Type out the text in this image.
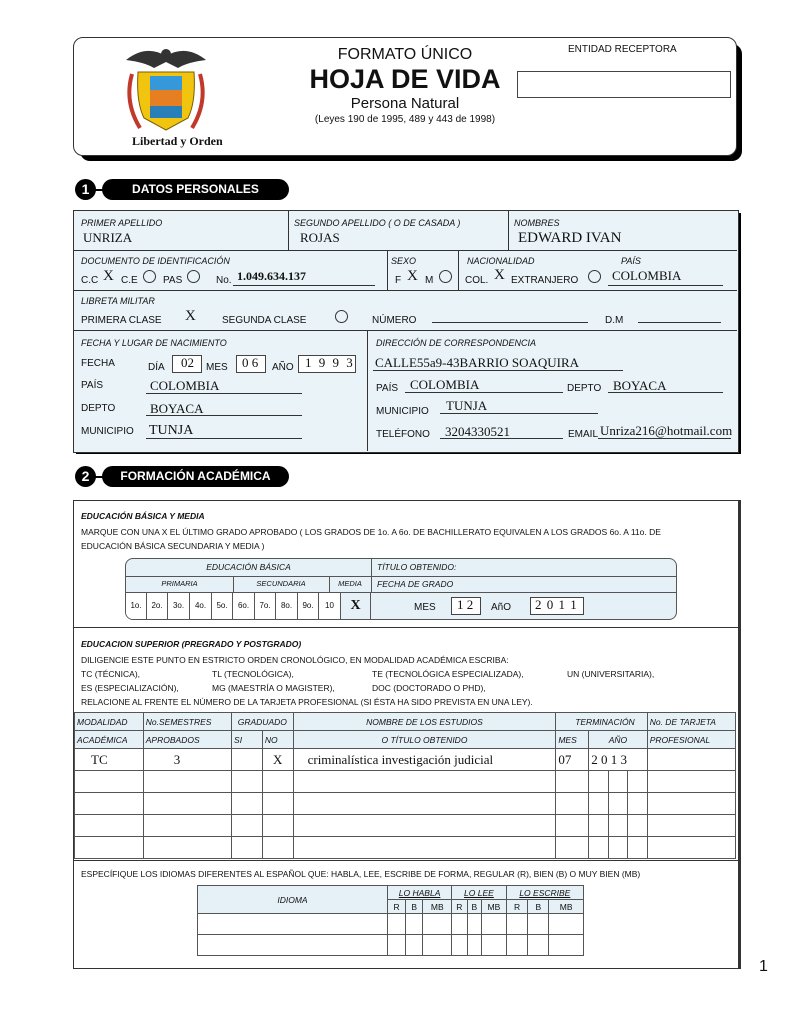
Libertad y Orden
FORMATO ÚNICO
HOJA DE VIDA
Persona Natural
(Leyes 190 de 1995, 489 y 443 de 1998)
ENTIDAD RECEPTORA
1	DATOS PERSONALES
PRIMER APELLIDO
UNRIZA
SEGUNDO APELLIDO ( O DE CASADA )
ROJAS
NOMBRES
EDWARD IVAN
DOCUMENTO DE IDENTIFICACIÓN
C.C X C.E	PAS	No. 1.049.634.137
SEXO
F X M
NACIONALIDAD
COL. X EXTRANJERO
PAÍS
COLOMBIA
LIBRETA MILITAR
PRIMERA CLASE X	SEGUNDA CLASE	NÚMERO	D.M
FECHA Y LUGAR DE NACIMIENTO
FECHA	DÍA 02 MES 0 6 AÑO 1 9 9 3
PAÍS	COLOMBIA
DEPTO	BOYACA
MUNICIPIO TUNJA
DIRECCIÓN DE CORRESPONDENCIA
CALLE55a9-43BARRIO SOAQUIRA
PAÍS COLOMBIA	DEPTO BOYACA
MUNICIPIO TUNJA
TELÉFONO 3204330521	EMAIL Unriza216@hotmail.com
2	FORMACIÓN ACADÉMICA
EDUCACIÓN BÁSICA Y MEDIA
MARQUE CON UNA X EL ÚLTIMO GRADO APROBADO ( LOS GRADOS DE 1o. A 6o. DE BACHILLERATO EQUIVALEN A LOS GRADOS 6o. A 11o. DE EDUCACIÓN BÁSICA SECUNDARIA Y MEDIA )
EDUCACIÓN BÁSICA	TÍTULO OBTENIDO:
PRIMARIA	SECUNDARIA	MEDIA	FECHA DE GRADO
1o.	2o.	3o.	4o.	5o.	6o.	7o.	8o.	9o.	10	X	MES 1 2 AñO 2 0 1 1
EDUCACION SUPERIOR (PREGRADO Y POSTGRADO)
DILIGENCIE ESTE PUNTO EN ESTRICTO ORDEN CRONOLÓGICO, EN MODALIDAD ACADÉMICA ESCRIBA:
TC (TÉCNICA),	TL (TECNOLÓGICA),	TE (TECNOLÓGICA ESPECIALIZADA),	UN (UNIVERSITARIA),
ES (ESPECIALIZACIÓN),	MG (MAESTRÍA O MAGISTER),	DOC (DOCTORADO O PHD),
RELACIONE AL FRENTE EL NÚMERO DE LA TARJETA PROFESIONAL (SI ÉSTA HA SIDO PREVISTA EN UNA LEY).
MODALIDAD	No.SEMESTRES	GRADUADO		NOMBRE DE LOS ESTUDIOS	TERMINACIÓN				No. DE TARJETA
ACADÉMICA	APROBADOS	SI	NO	O TÍTULO OBTENIDO	MES	AÑO			PROFESIONAL
TC	3		X	criminalística investigación judicial	07	2 0 1 3			

ESPECÍFIQUE LOS IDIOMAS DIFERENTES AL ESPAÑOL QUE: HABLA, LEE, ESCRIBE DE FORMA, REGULAR (R), BIEN (B) O MUY BIEN (MB)
IDIOMA	LO HABLA			LO LEE			LO ESCRIBE		
	R	B	MB	R	B	MB	R	B	MB

1
